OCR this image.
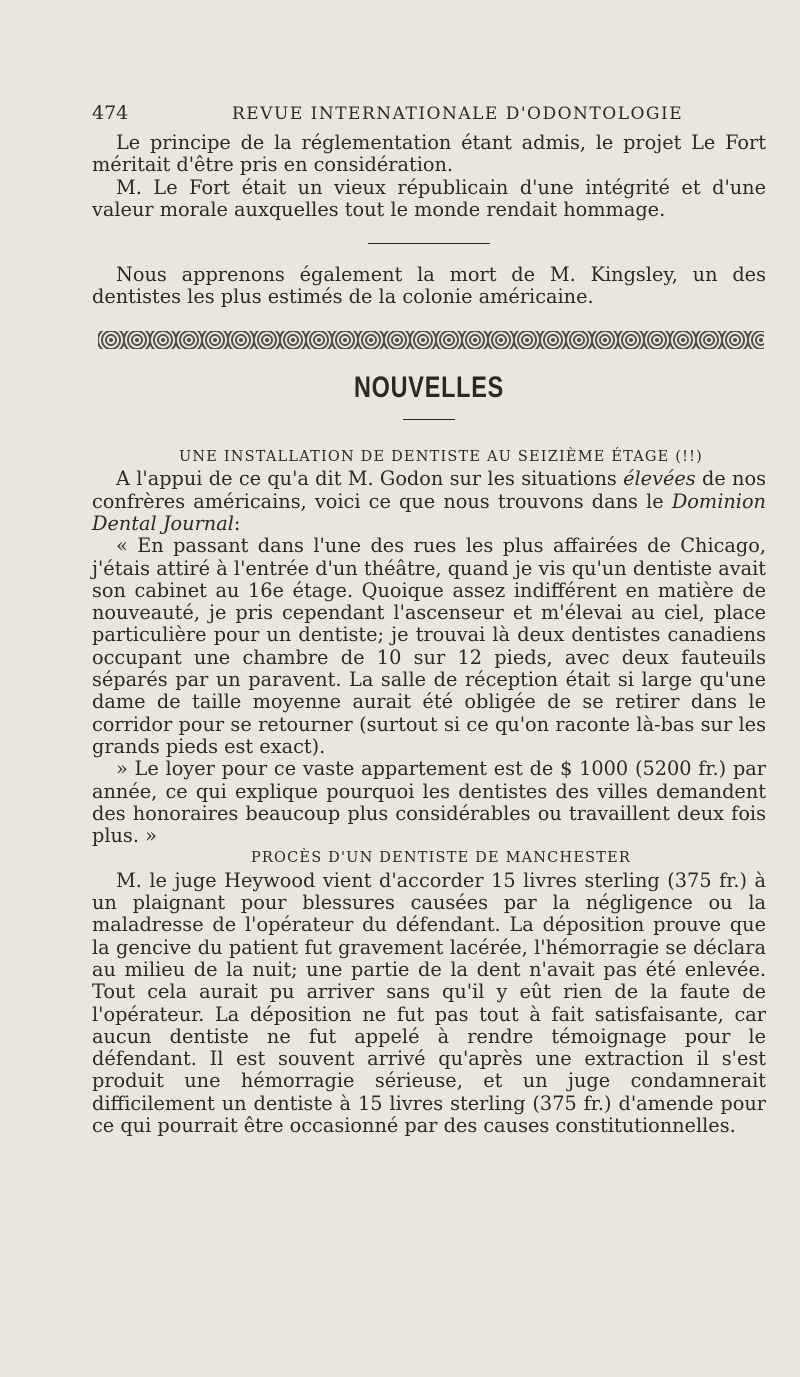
474	REVUE INTERNATIONALE D'ODONTOLOGIE

Le principe de la réglementation étant admis, le projet Le Fort méritait d'être pris en considération.

M. Le Fort était un vieux républicain d'une intégrité et d'une valeur morale auxquelles tout le monde rendait hommage.

Nous apprenons également la mort de M. Kingsley, un des dentistes les plus estimés de la colonie américaine.

NOUVELLES

UNE INSTALLATION DE DENTISTE AU SEIZIÈME ÉTAGE (!!)

A l'appui de ce qu'a dit M. Godon sur les situations élevées de nos confrères américains, voici ce que nous trouvons dans le Dominion Dental Journal:

« En passant dans l'une des rues les plus affairées de Chicago, j'étais attiré à l'entrée d'un théâtre, quand je vis qu'un dentiste avait son cabinet au 16e étage. Quoique assez indifférent en matière de nouveauté, je pris cependant l'ascenseur et m'élevai au ciel, place particulière pour un dentiste; je trouvai là deux dentistes canadiens occupant une chambre de 10 sur 12 pieds, avec deux fauteuils séparés par un paravent. La salle de réception était si large qu'une dame de taille moyenne aurait été obligée de se retirer dans le corridor pour se retourner (surtout si ce qu'on raconte là-bas sur les grands pieds est exact).

» Le loyer pour ce vaste appartement est de $ 1000 (5200 fr.) par année, ce qui explique pourquoi les dentistes des villes demandent des honoraires beaucoup plus considérables ou travaillent deux fois plus. »

PROCÈS D'UN DENTISTE DE MANCHESTER

M. le juge Heywood vient d'accorder 15 livres sterling (375 fr.) à un plaignant pour blessures causées par la négligence ou la maladresse de l'opérateur du défendant. La déposition prouve que la gencive du patient fut gravement lacérée, l'hémorragie se déclara au milieu de la nuit; une partie de la dent n'avait pas été enlevée. Tout cela aurait pu arriver sans qu'il y eût rien de la faute de l'opérateur. La déposition ne fut pas tout à fait satisfaisante, car aucun dentiste ne fut appelé à rendre témoignage pour le défendant. Il est souvent arrivé qu'après une extraction il s'est produit une hémorragie sérieuse, et un juge condamnerait difficilement un dentiste à 15 livres sterling (375 fr.) d'amende pour ce qui pourrait être occasionné par des causes constitutionnelles.
